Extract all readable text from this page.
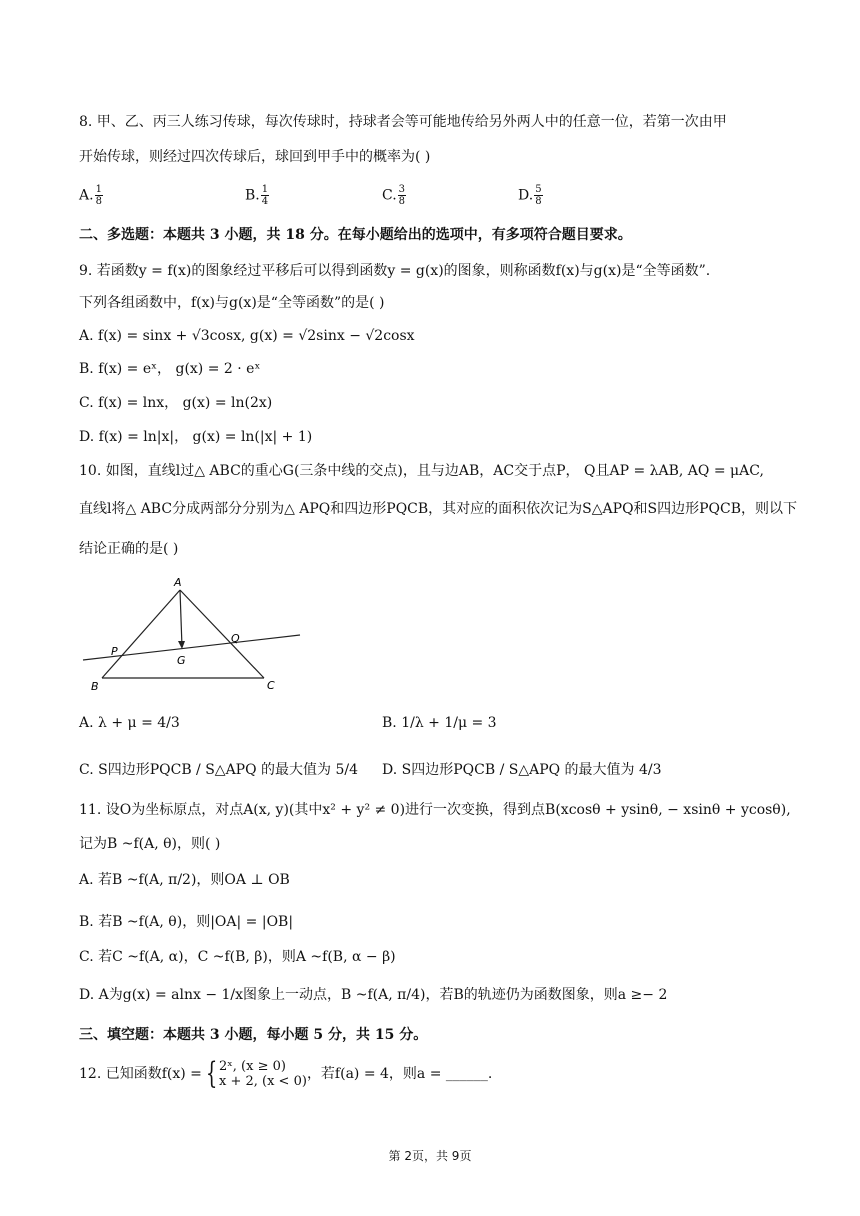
8. 甲、乙、丙三人练习传球，每次传球时，持球者会等可能地传给另外两人中的任意一位，若第一次由甲
开始传球，则经过四次传球后，球回到甲手中的概率为( )
A. $\frac{1}{8}$	B. $\frac{1}{4}$	C. $\frac{3}{8}$	D. $\frac{5}{8}$
二、多选题：本题共 3 小题，共 18 分。在每小题给出的选项中，有多项符合题目要求。
9. 若函数y = f(x)的图象经过平移后可以得到函数y = g(x)的图象，则称函数f(x)与g(x)是“全等函数”.
下列各组函数中，f(x)与g(x)是“全等函数”的是( )
A. f(x) = sinx + √3cosx, g(x) = √2sinx − √2cosx
B. f(x) = eˣ， g(x) = 2 · eˣ
C. f(x) = lnx， g(x) = ln(2x)
D. f(x) = ln|x|， g(x) = ln(|x| + 1)
10. 如图，直线l过△ ABC的重心G(三条中线的交点)，且与边AB，AC交于点P， Q且AP = λAB, AQ = μAC,
直线l将△ ABC分成两部分分别为△ APQ和四边形PQCB，其对应的面积依次记为S△APQ和S四边形PQCB，则以下
结论正确的是( )
A
B	C
P
Q
G
A. λ + μ = 4/3	B. 1/λ + 1/μ = 3
C. S四边形PQCB / S△APQ 的最大值为 5/4 D. S四边形PQCB / S△APQ 的最大值为 4/3
11. 设O为坐标原点，对点A(x, y)(其中x² + y² ≠ 0)进行一次变换，得到点B(xcosθ + ysinθ, − xsinθ + ycosθ),
记为B ~f(A, θ)，则( )
A. 若B ~f(A, π/2)，则OA ⊥ OB
B. 若B ~f(A, θ)，则|OA| = |OB|
C. 若C ~f(A, α)，C ~f(B, β)，则A ~f(B, α − β)
D. A为g(x) = alnx − 1/x图象上一动点，B ~f(A, π/4)，若B的轨迹仍为函数图象，则a ≥− 2
三、填空题：本题共 3 小题，每小题 5 分，共 15 分。
12. 已知函数f(x) = { 2ˣ, (x ≥ 0)
x + 2, (x < 0) ，若f(a) = 4，则a = ______.
第 2页，共 9页
